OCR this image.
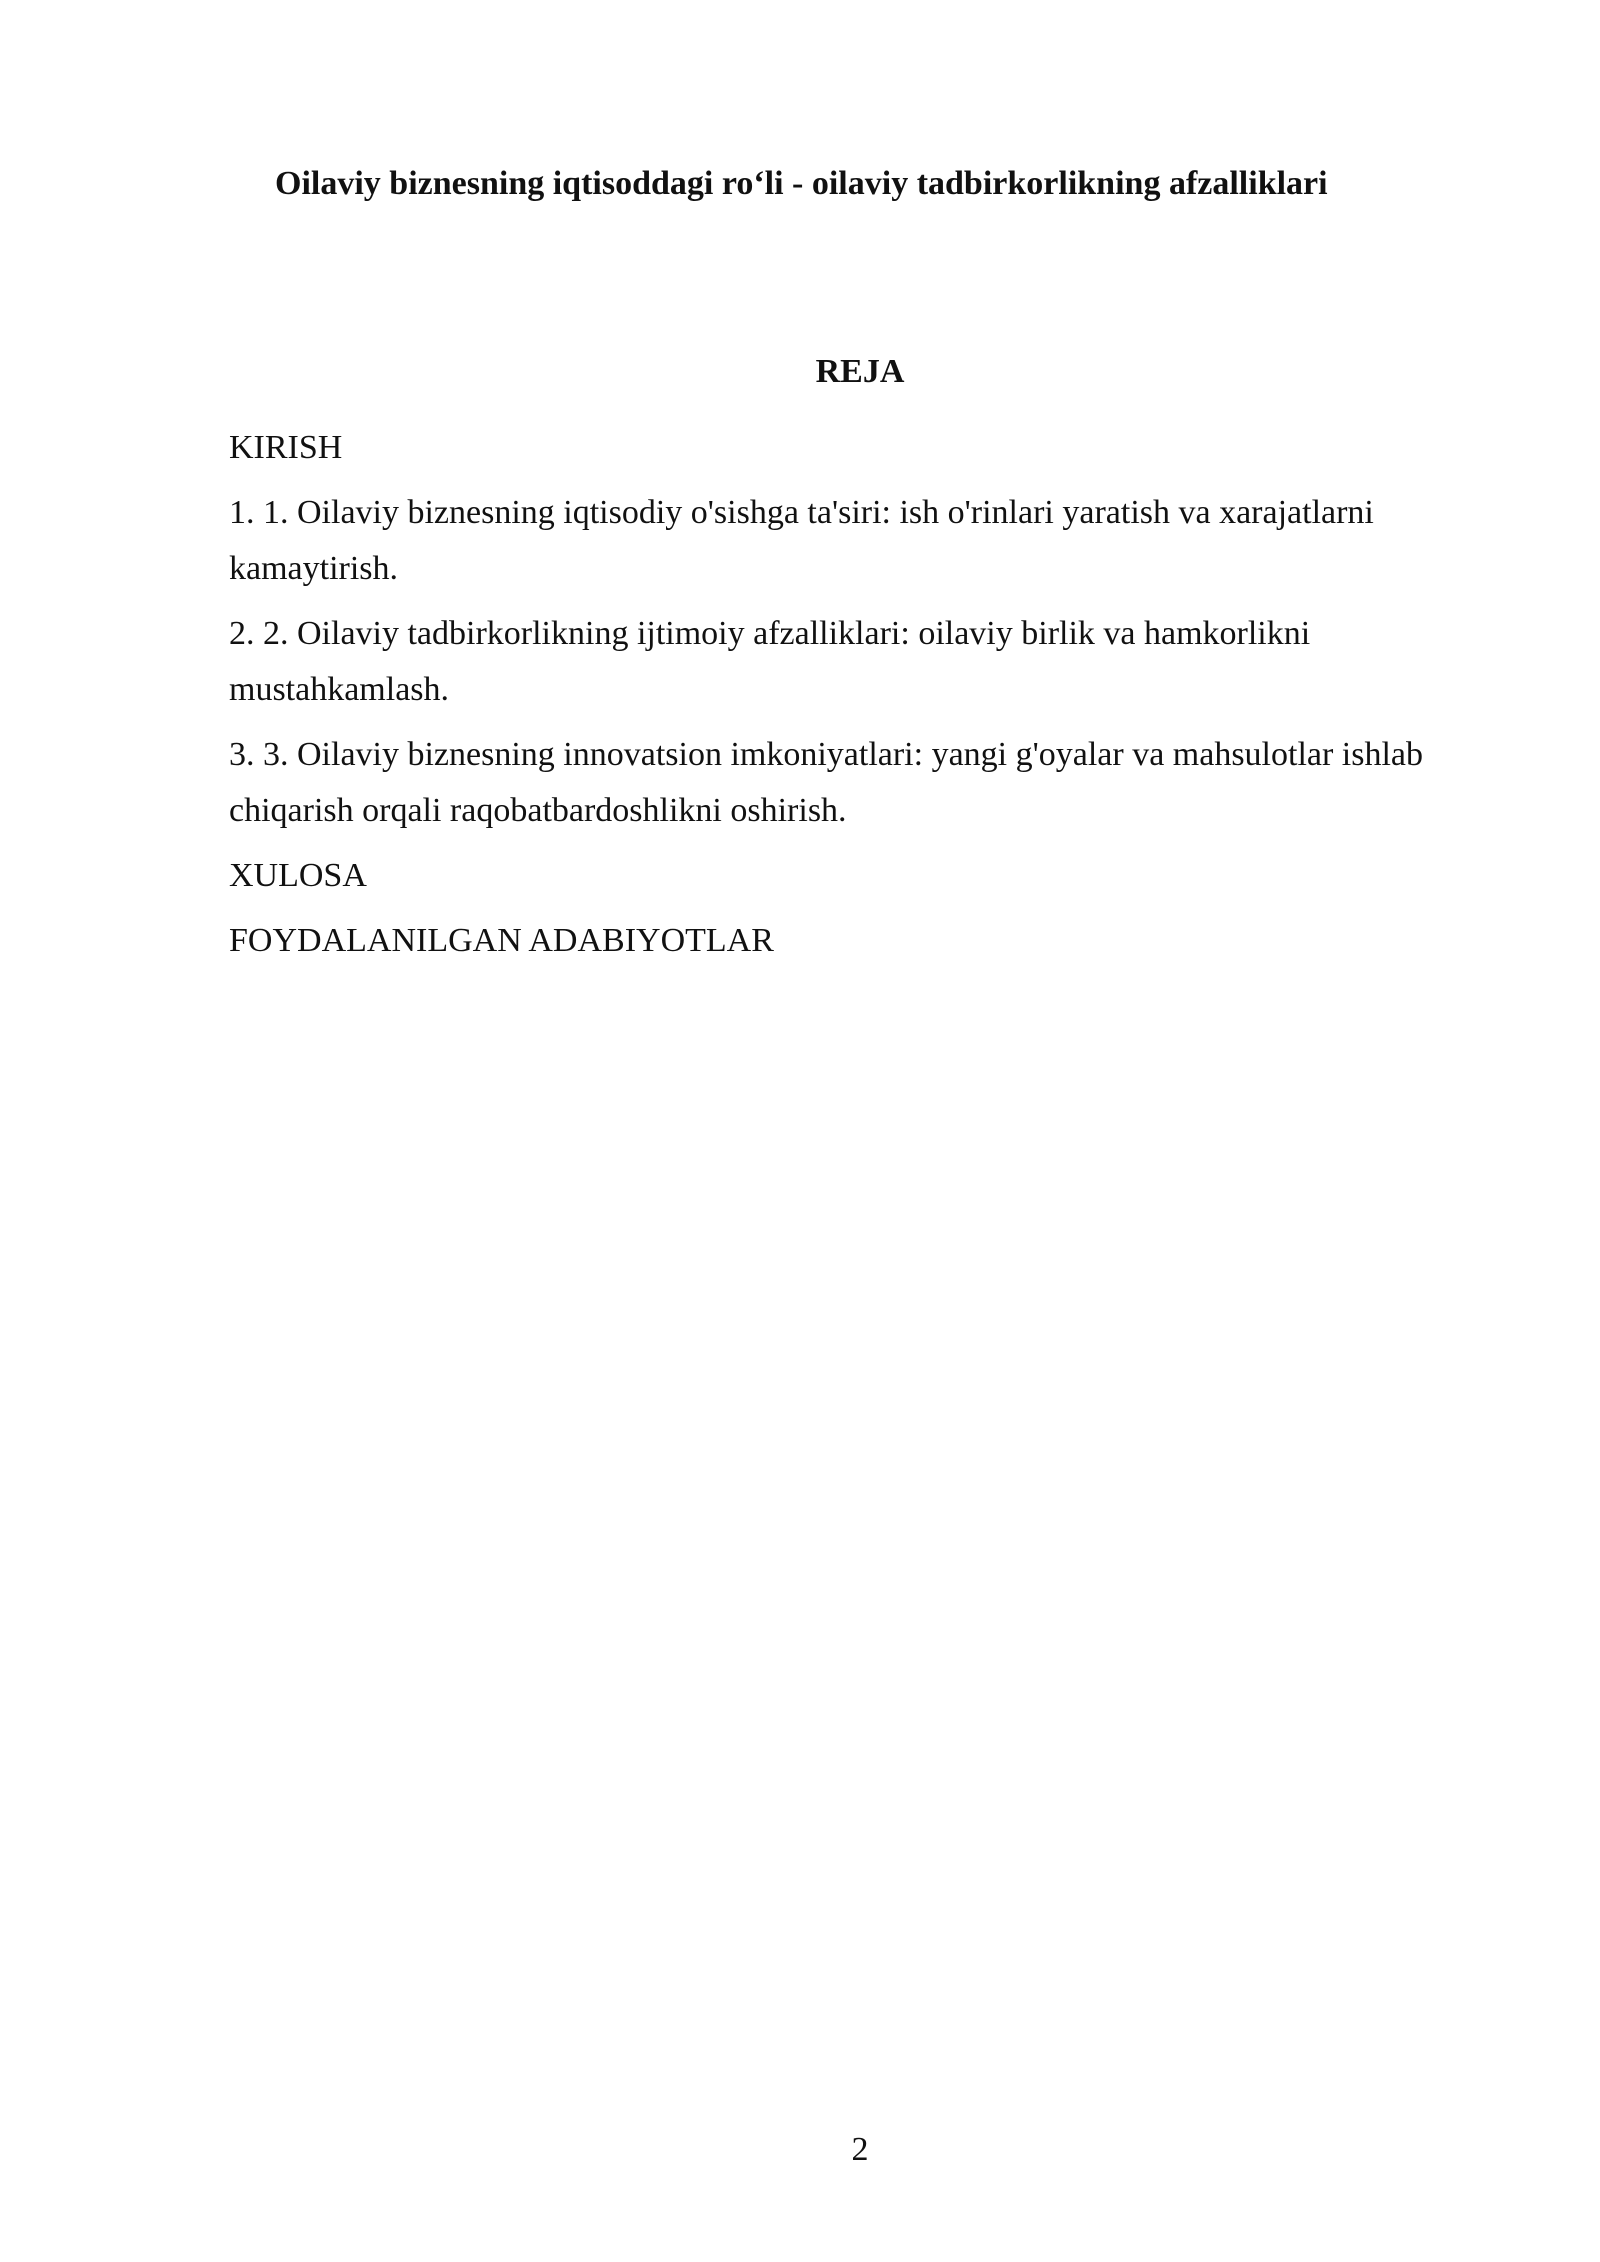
Oilaviy biznesning iqtisoddagi ro‘li - oilaviy tadbirkorlikning afzalliklari
REJA
KIRISH
1. 1. Oilaviy biznesning iqtisodiy o'sishga ta'siri: ish o'rinlari yaratish va xarajatlarni kamaytirish.
2. 2. Oilaviy tadbirkorlikning ijtimoiy afzalliklari: oilaviy birlik va hamkorlikni mustahkamlash.
3. 3. Oilaviy biznesning innovatsion imkoniyatlari: yangi g'oyalar va mahsulotlar ishlab chiqarish orqali raqobatbardoshlikni oshirish.
XULOSA
FOYDALANILGAN ADABIYOTLAR
2
